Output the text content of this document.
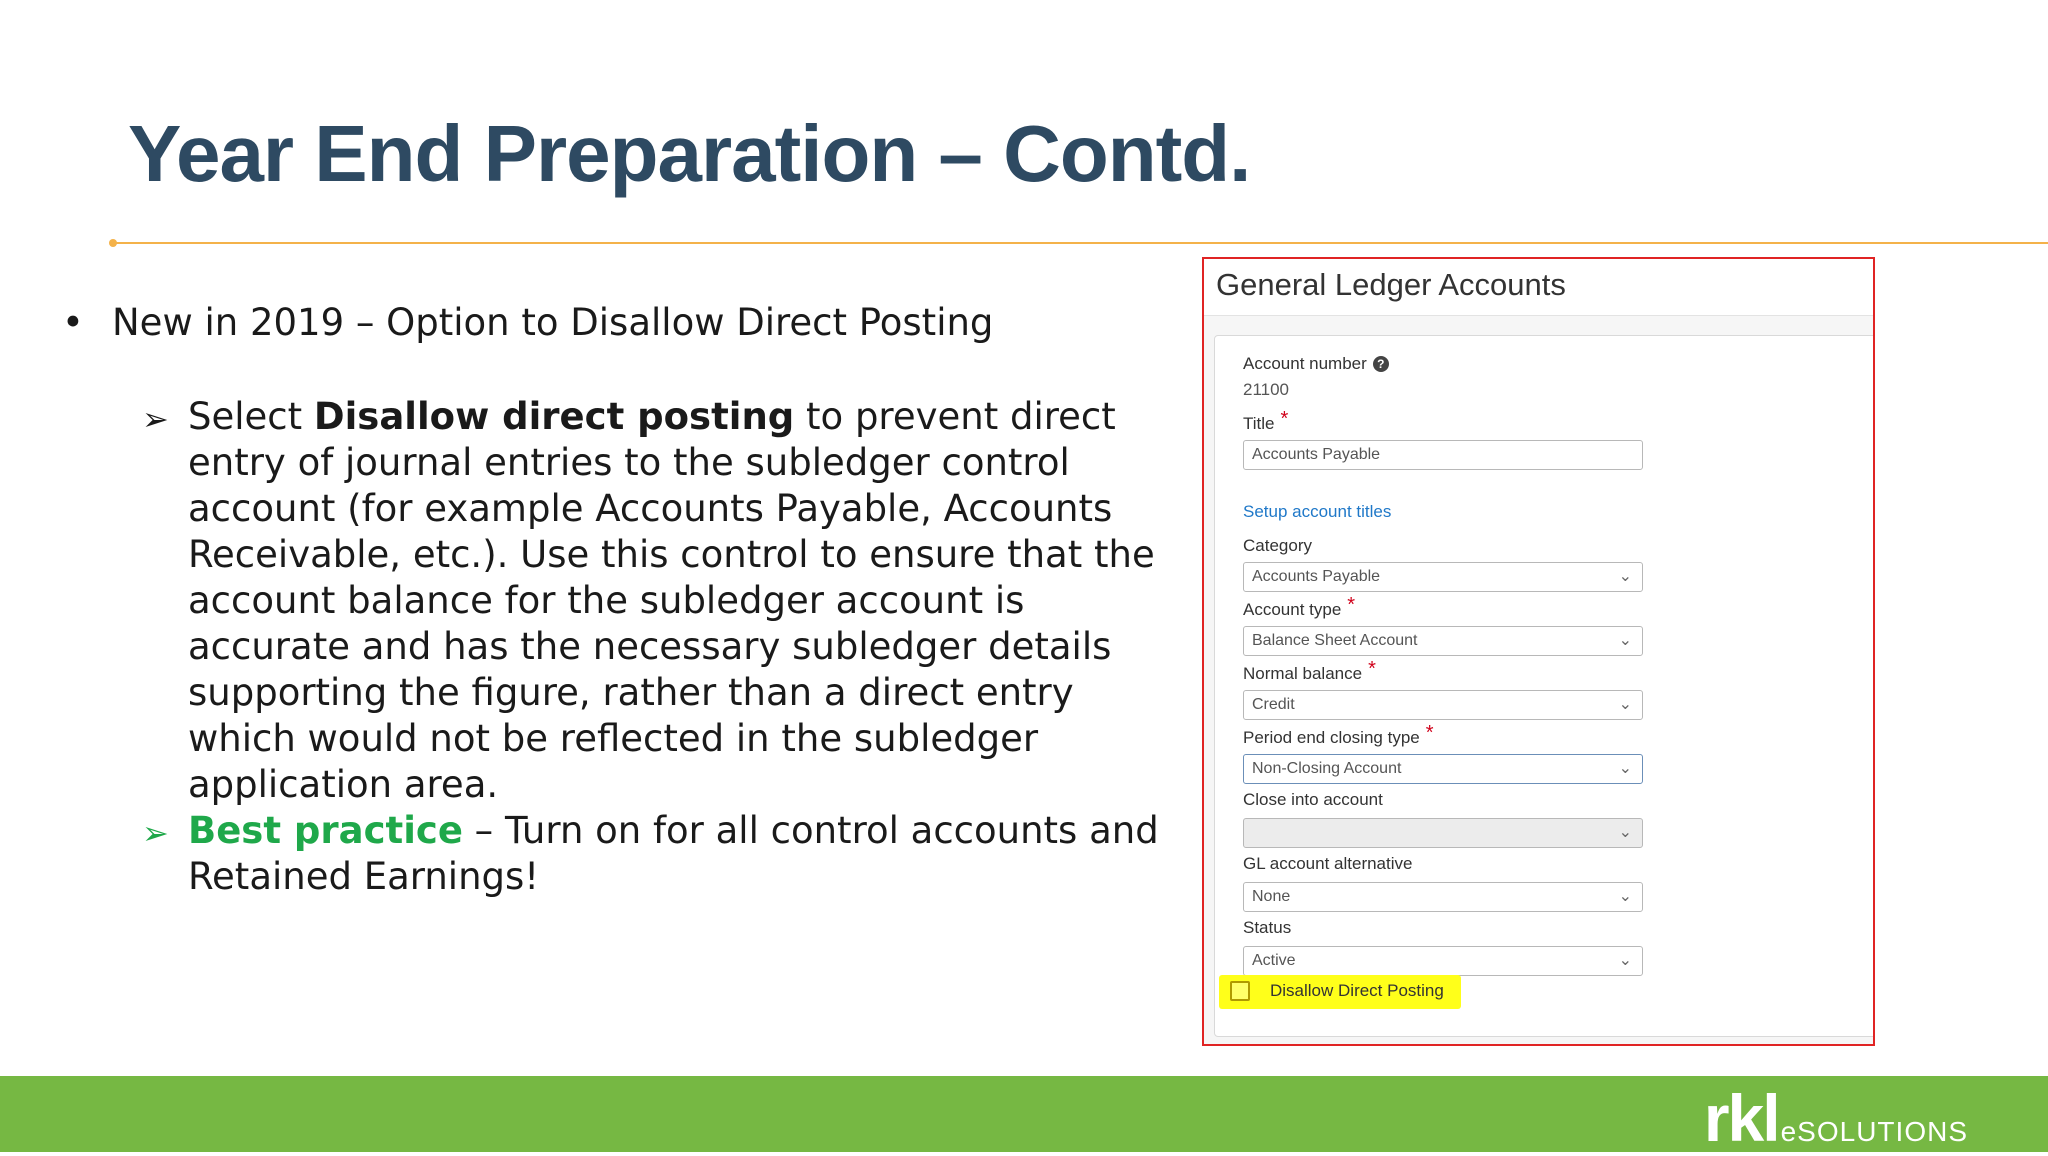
Year End Preparation – Contd.
• New in 2019 – Option to Disallow Direct Posting
➢ Select Disallow direct posting to prevent direct entry of journal entries to the subledger control account (for example Accounts Payable, Accounts Receivable, etc.). Use this control to ensure that the account balance for the subledger account is accurate and has the necessary subledger details supporting the figure, rather than a direct entry which would not be reflected in the subledger application area.
➢ Best practice – Turn on for all control accounts and Retained Earnings!
General Ledger Accounts
Account number ?
21100
Title *
Accounts Payable
Setup account titles
Category
Accounts Payable	⌄
Account type *
Balance Sheet Account	⌄
Normal balance *
Credit	⌄
Period end closing type *
Non-Closing Account	⌄
Close into account
⌄
GL account alternative
None	⌄
Status
Active	⌄
Disallow Direct Posting
rkleSOLUTIONS
